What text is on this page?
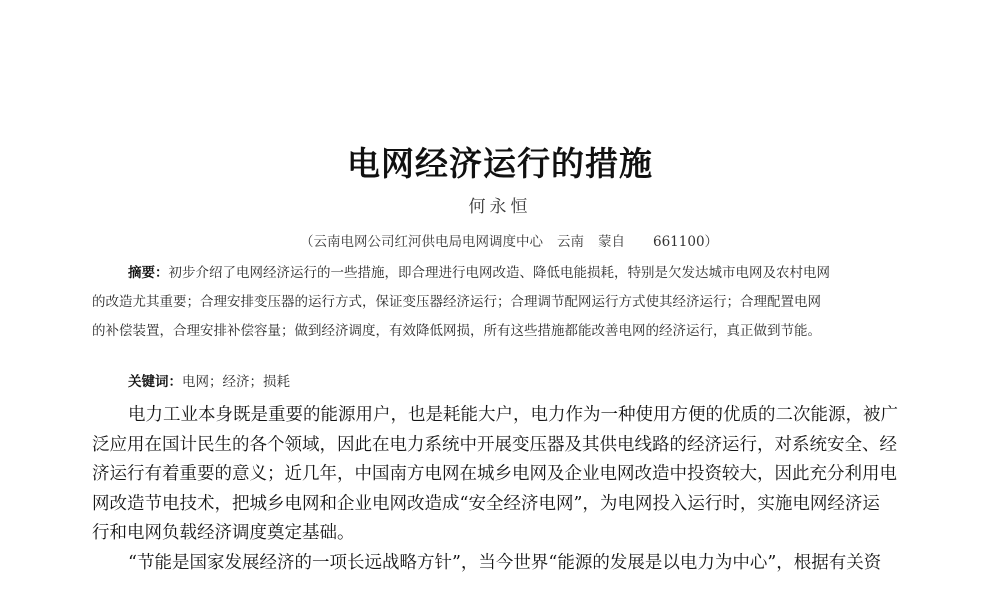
电网经济运行的措施
何永恒
（云南电网公司红河供电局电网调度中心 云南 蒙自 661100）
摘要：初步介绍了电网经济运行的一些措施，即合理进行电网改造、降低电能损耗，特别是欠发达城市电网及农村电网
的改造尤其重要；合理安排变压器的运行方式，保证变压器经济运行；合理调节配网运行方式使其经济运行；合理配置电网
的补偿装置，合理安排补偿容量；做到经济调度，有效降低网损，所有这些措施都能改善电网的经济运行，真正做到节能。
关键词：电网；经济；损耗
电力工业本身既是重要的能源用户，也是耗能大户，电力作为一种使用方便的优质的二次能源，被广
泛应用在国计民生的各个领域，因此在电力系统中开展变压器及其供电线路的经济运行，对系统安全、经
济运行有着重要的意义；近几年，中国南方电网在城乡电网及企业电网改造中投资较大，因此充分利用电
网改造节电技术，把城乡电网和企业电网改造成“安全经济电网”，为电网投入运行时，实施电网经济运
行和电网负载经济调度奠定基础。
“节能是国家发展经济的一项长远战略方针”，当今世界“能源的发展是以电力为中心”，根据有关资
